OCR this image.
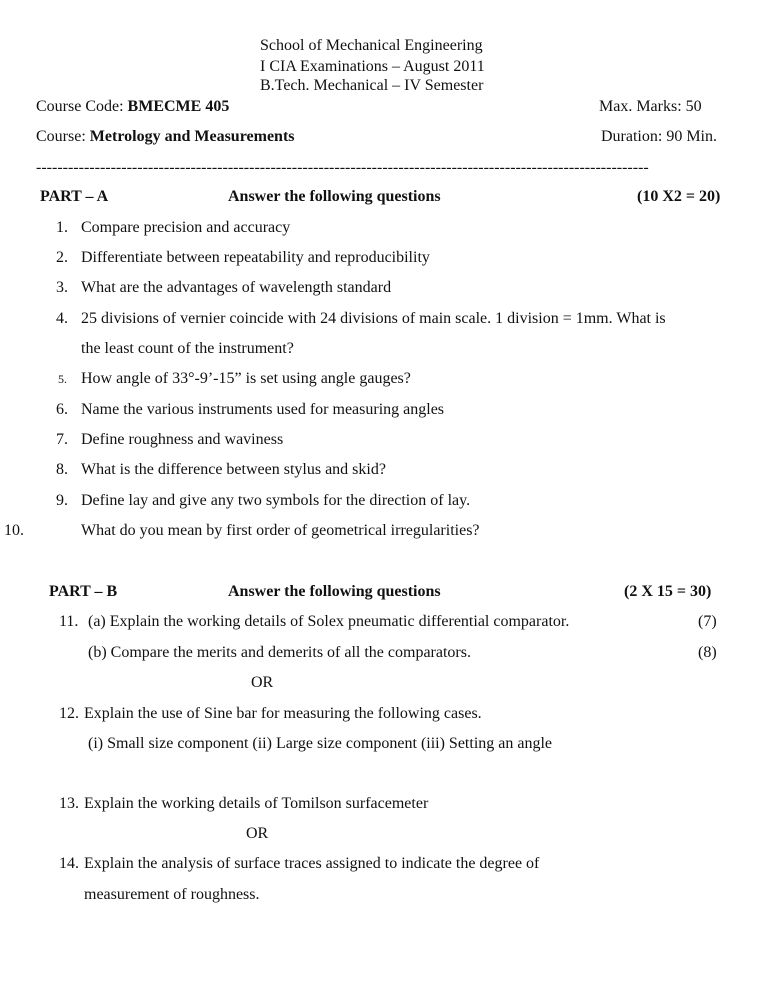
School of Mechanical Engineering
I CIA Examinations – August 2011
B.Tech. Mechanical – IV Semester
Course Code: BMECME 405	Max. Marks: 50
Course: Metrology and Measurements	Duration: 90 Min.
-------------------------------------------------------------------------------------------------------------------
PART – A	Answer the following questions	(10 X2 = 20)
1. Compare precision and accuracy
2. Differentiate between repeatability and reproducibility
3. What are the advantages of wavelength standard
4. 25 divisions of vernier coincide with 24 divisions of main scale. 1 division = 1mm. What is
the least count of the instrument?
5. How angle of 33°-9’-15” is set using angle gauges?
6. Name the various instruments used for measuring angles
7. Define roughness and waviness
8. What is the difference between stylus and skid?
9. Define lay and give any two symbols for the direction of lay.
10.	What do you mean by first order of geometrical irregularities?
PART – B	Answer the following questions	(2 X 15 = 30)
11. (a) Explain the working details of Solex pneumatic differential comparator.	(7)
(b) Compare the merits and demerits of all the comparators.	(8)
OR
12. Explain the use of Sine bar for measuring the following cases.
(i) Small size component (ii) Large size component (iii) Setting an angle
13. Explain the working details of Tomilson surfacemeter
OR
14. Explain the analysis of surface traces assigned to indicate the degree of
measurement of roughness.
